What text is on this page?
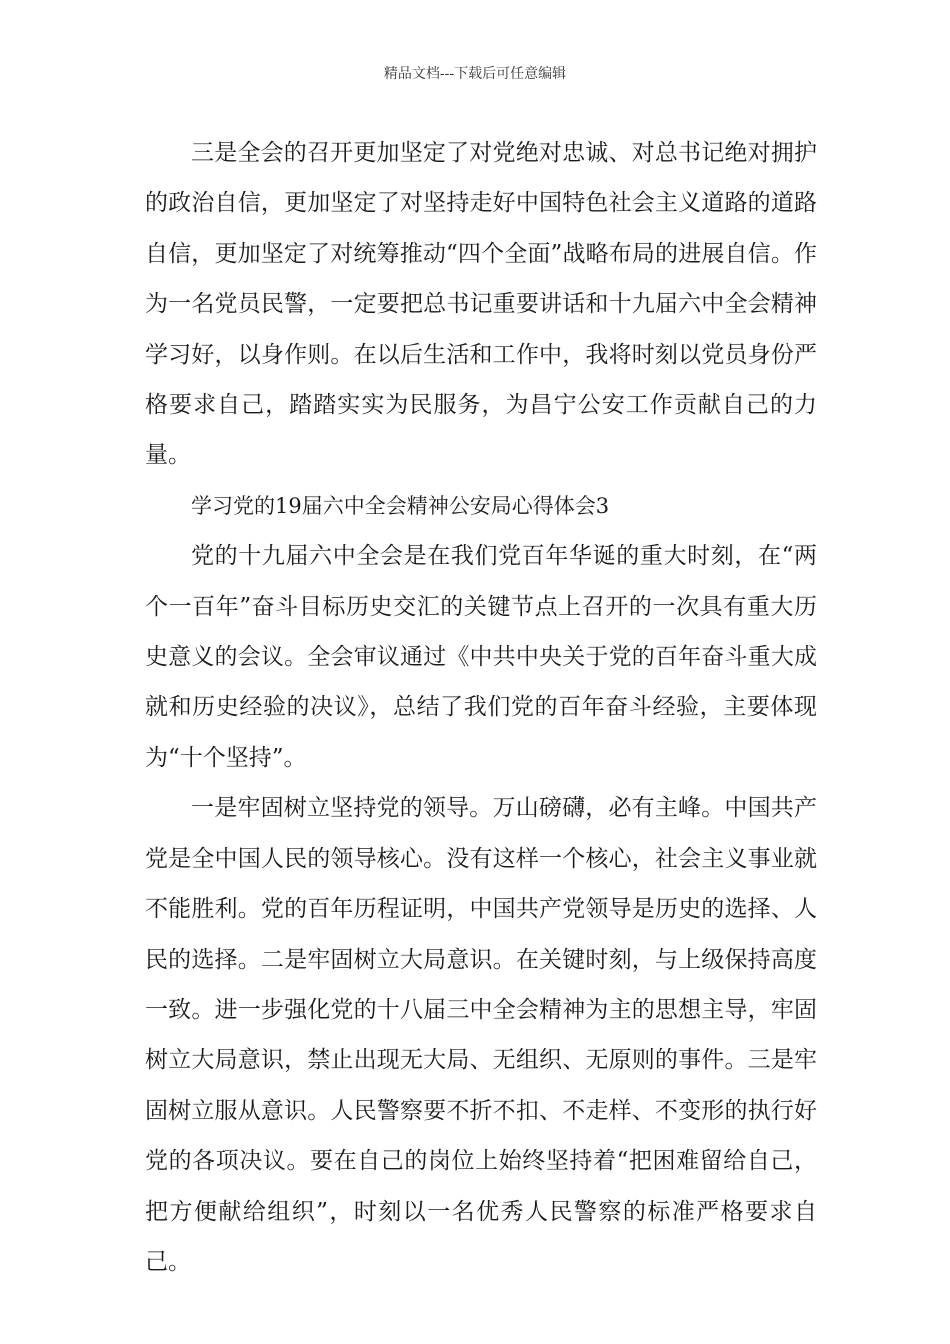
精品文档---下载后可任意编辑

三是全会的召开更加坚定了对党绝对忠诚、对总书记绝对拥护的政治自信，更加坚定了对坚持走好中国特色社会主义道路的道路自信，更加坚定了对统筹推动“四个全面”战略布局的进展自信。作为一名党员民警，一定要把总书记重要讲话和十九届六中全会精神学习好，以身作则。在以后生活和工作中，我将时刻以党员身份严格要求自己，踏踏实实为民服务，为昌宁公安工作贡献自己的力量。

学习党的19届六中全会精神公安局心得体会3

党的十九届六中全会是在我们党百年华诞的重大时刻，在“两个一百年”奋斗目标历史交汇的关键节点上召开的一次具有重大历史意义的会议。全会审议通过《中共中央关于党的百年奋斗重大成就和历史经验的决议》，总结了我们党的百年奋斗经验，主要体现为“十个坚持”。

一是牢固树立坚持党的领导。万山磅礴，必有主峰。中国共产党是全中国人民的领导核心。没有这样一个核心，社会主义事业就不能胜利。党的百年历程证明，中国共产党领导是历史的选择、人民的选择。二是牢固树立大局意识。在关键时刻，与上级保持高度一致。进一步强化党的十八届三中全会精神为主的思想主导，牢固树立大局意识，禁止出现无大局、无组织、无原则的事件。三是牢固树立服从意识。人民警察要不折不扣、不走样、不变形的执行好党的各项决议。要在自己的岗位上始终坚持着“把困难留给自己，把方便献给组织”，时刻以一名优秀人民警察的标准严格要求自己。
